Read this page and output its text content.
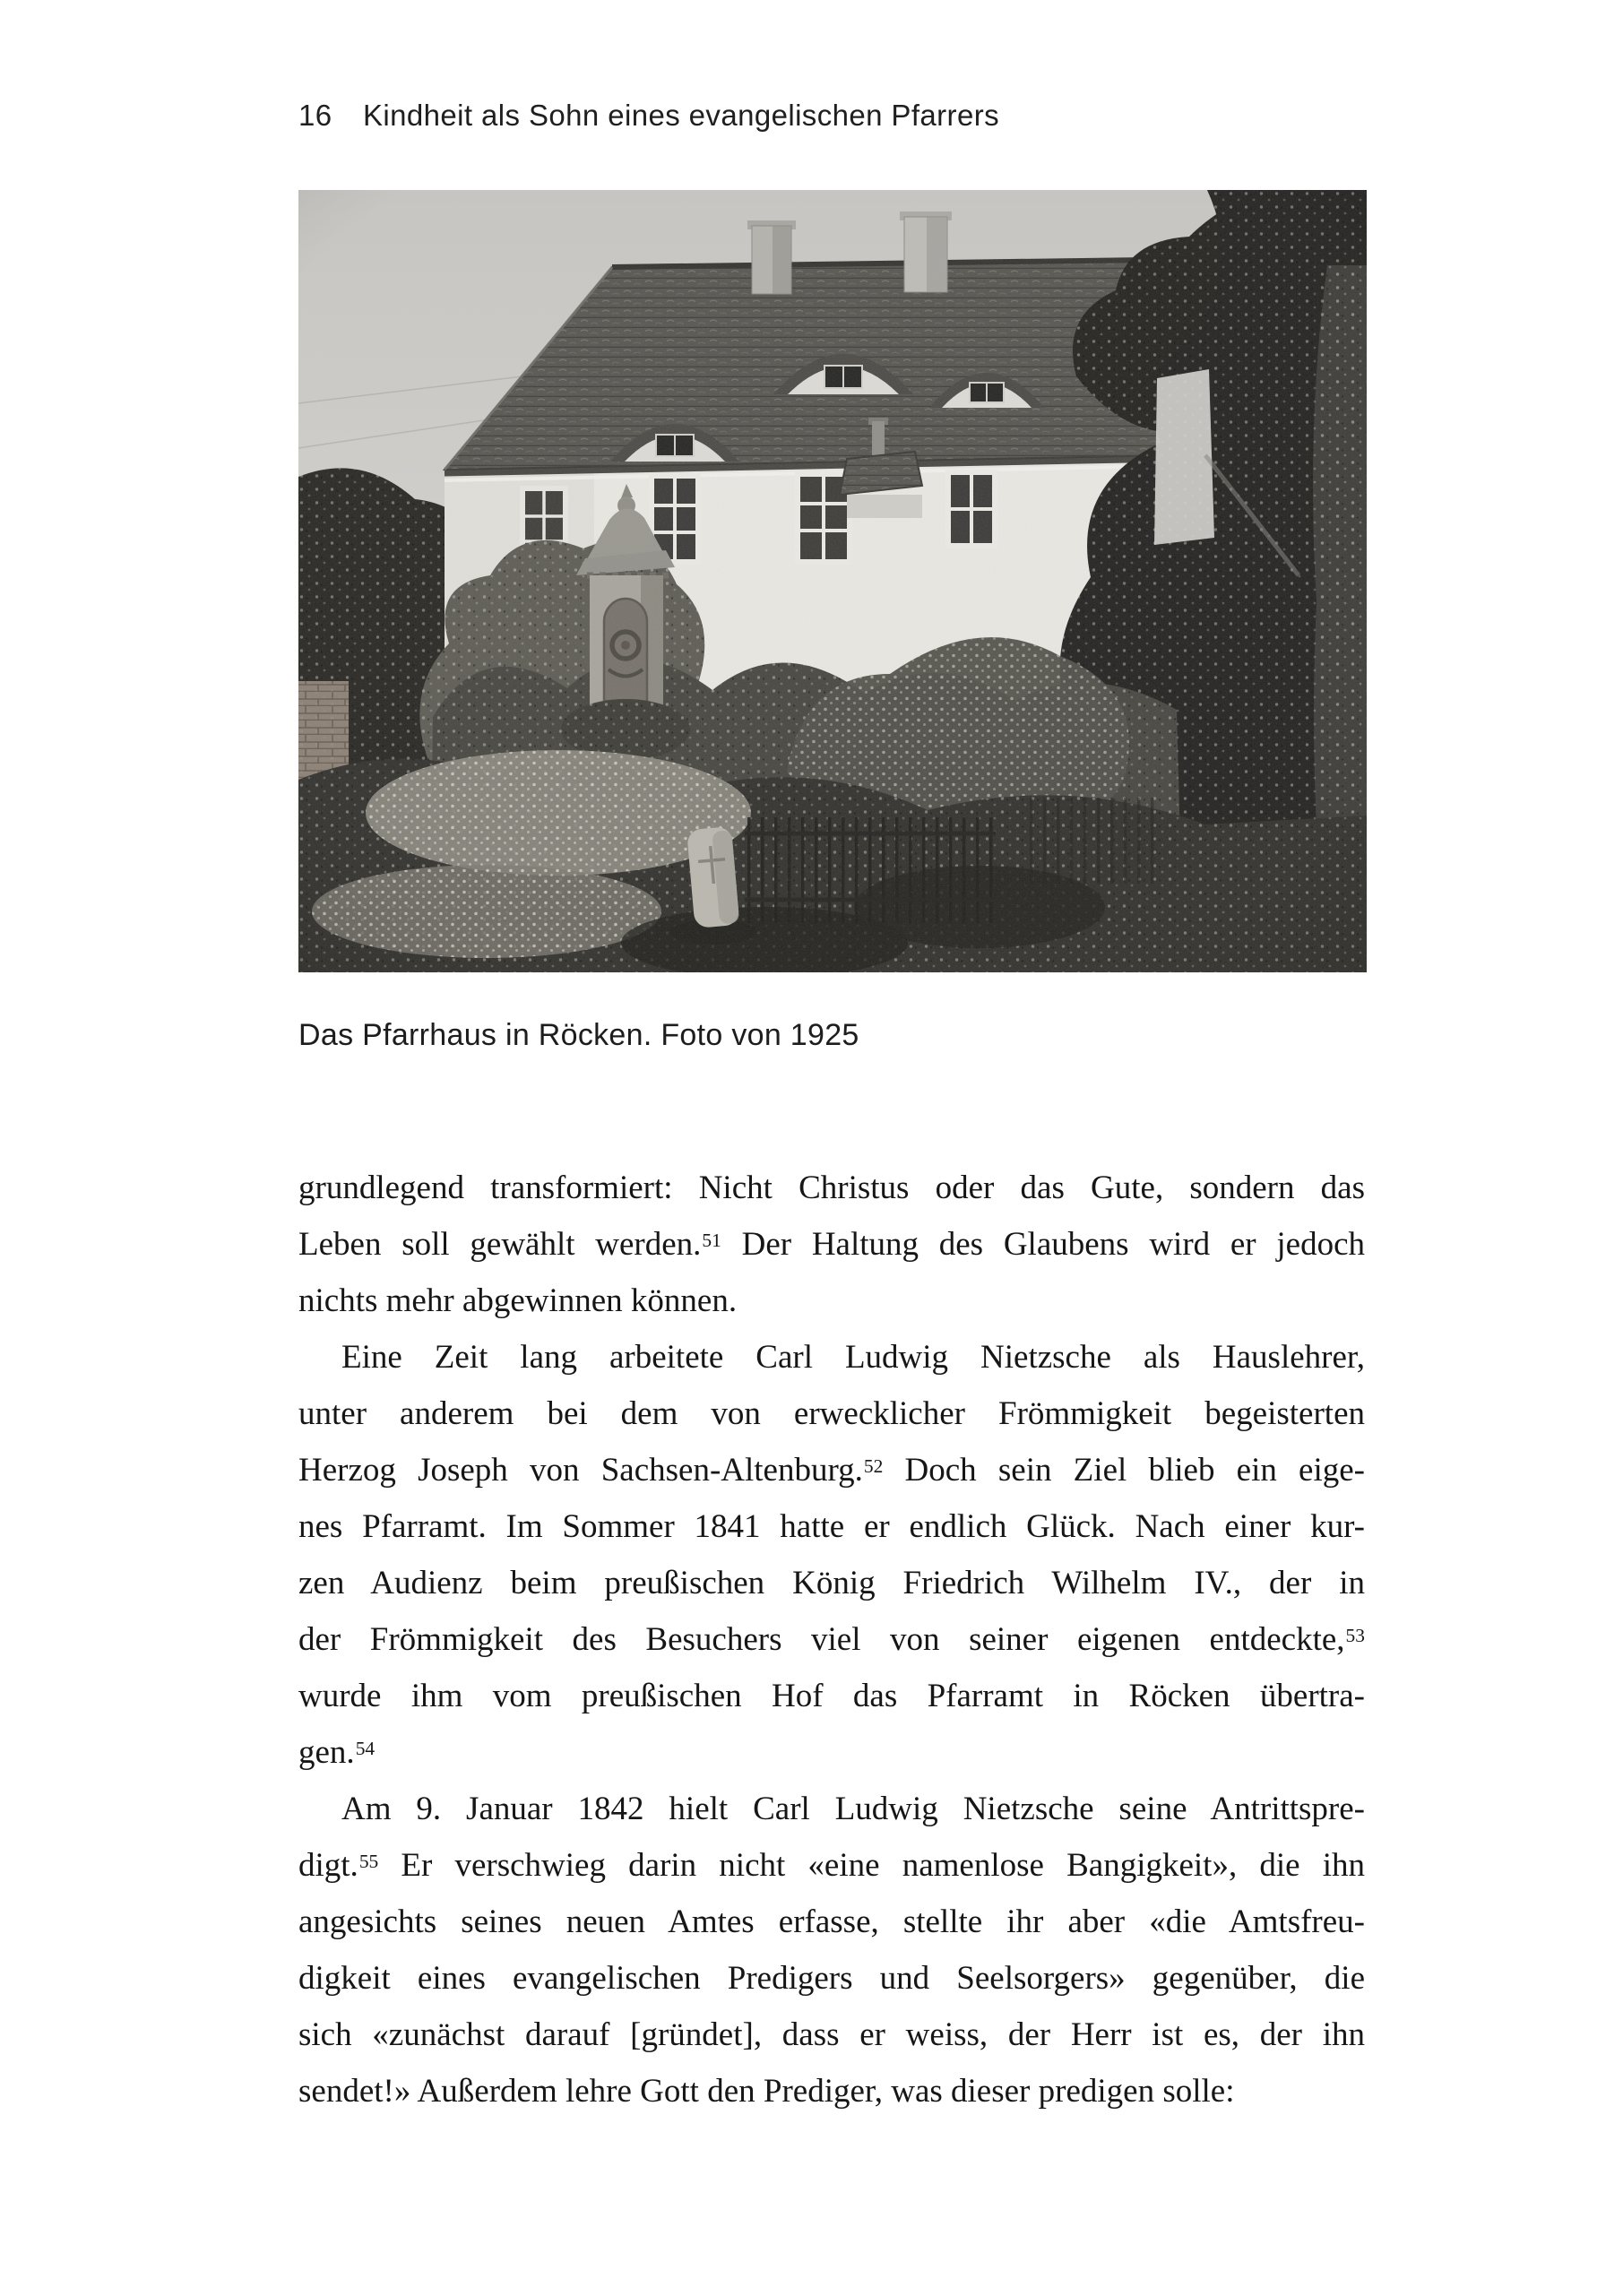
16 Kindheit als Sohn eines evangelischen Pfarrers
Das Pfarrhaus in Röcken. Foto von 1925
grundlegend transformiert: Nicht Christus oder das Gute, sondern das
Leben soll gewählt werden.$^{51}$ Der Haltung des Glaubens wird er jedoch
nichts mehr abgewinnen können.
Eine Zeit lang arbeitete Carl Ludwig Nietzsche als Hauslehrer,
unter anderem bei dem von erwecklicher Frömmigkeit begeisterten
Herzog Joseph von Sachsen-Altenburg.$^{52}$ Doch sein Ziel blieb ein eige-
nes Pfarramt. Im Sommer 1841 hatte er endlich Glück. Nach einer kur-
zen Audienz beim preußischen König Friedrich Wilhelm IV., der in
der Frömmigkeit des Besuchers viel von seiner eigenen entdeckte,$^{53}$
wurde ihm vom preußischen Hof das Pfarramt in Röcken übertra-
gen.$^{54}$
Am 9. Januar 1842 hielt Carl Ludwig Nietzsche seine Antrittspre-
digt.$^{55}$ Er verschwieg darin nicht «eine namenlose Bangigkeit», die ihn
angesichts seines neuen Amtes erfasse, stellte ihr aber «die Amtsfreu-
digkeit eines evangelischen Predigers und Seelsorgers» gegenüber, die
sich «zunächst darauf [gründet], dass er weiss, der Herr ist es, der ihn
sendet!» Außerdem lehre Gott den Prediger, was dieser predigen solle:
